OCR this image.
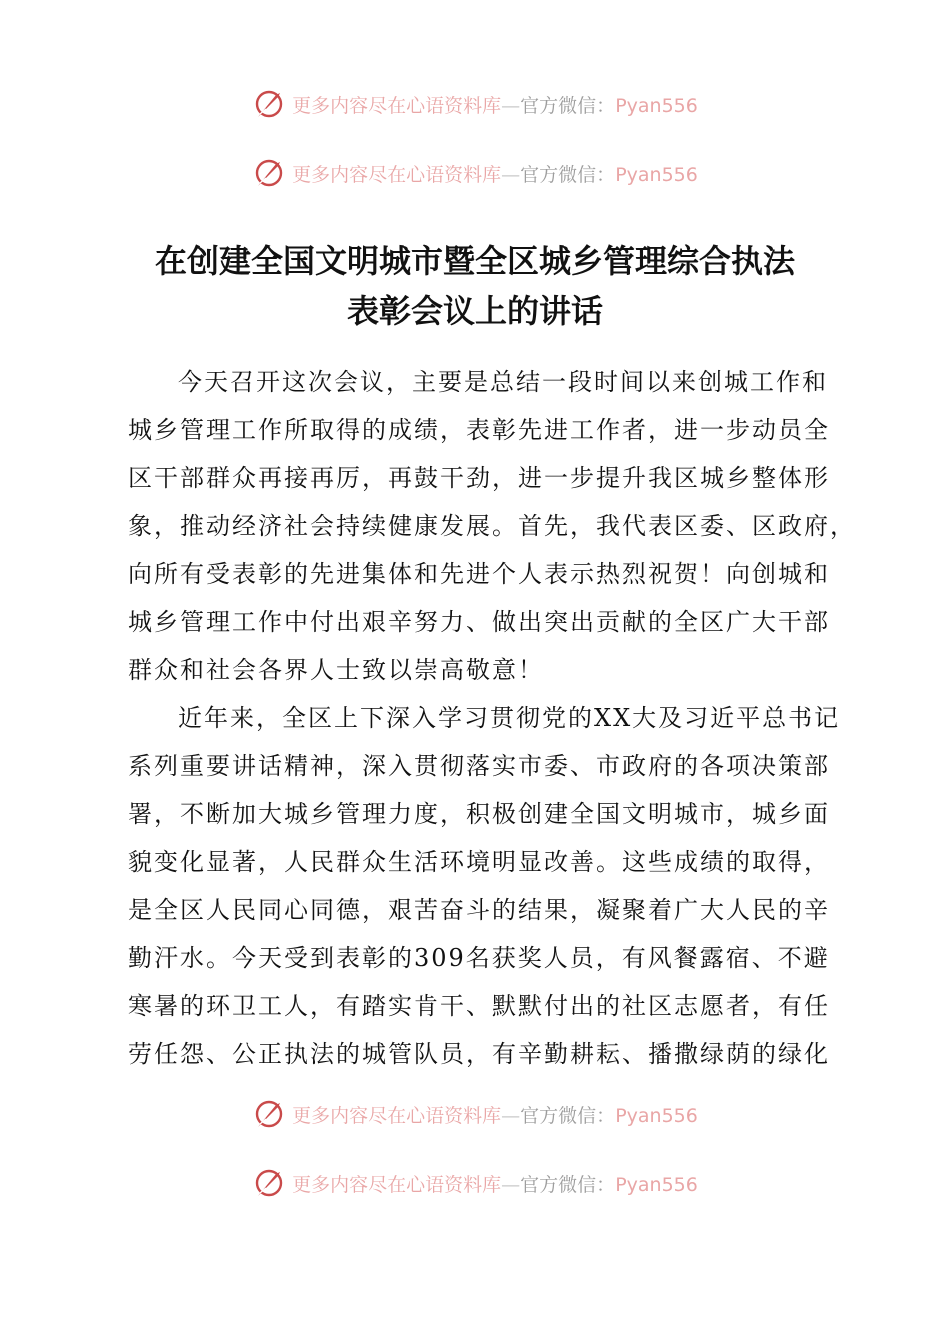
更多内容尽在心语资料库—官方微信：Pyan556
更多内容尽在心语资料库—官方微信：Pyan556
在创建全国文明城市暨全区城乡管理综合执法
表彰会议上的讲话
今天召开这次会议，主要是总结一段时间以来创城工作和
城乡管理工作所取得的成绩，表彰先进工作者，进一步动员全
区干部群众再接再厉，再鼓干劲，进一步提升我区城乡整体形
象，推动经济社会持续健康发展。首先，我代表区委、区政府，
向所有受表彰的先进集体和先进个人表示热烈祝贺！向创城和
城乡管理工作中付出艰辛努力、做出突出贡献的全区广大干部
群众和社会各界人士致以崇高敬意！
近年来，全区上下深入学习贯彻党的XX大及习近平总书记
系列重要讲话精神，深入贯彻落实市委、市政府的各项决策部
署，不断加大城乡管理力度，积极创建全国文明城市，城乡面
貌变化显著，人民群众生活环境明显改善。这些成绩的取得，
是全区人民同心同德，艰苦奋斗的结果，凝聚着广大人民的辛
勤汗水。今天受到表彰的309名获奖人员，有风餐露宿、不避
寒暑的环卫工人，有踏实肯干、默默付出的社区志愿者，有任
劳任怨、公正执法的城管队员，有辛勤耕耘、播撒绿荫的绿化
更多内容尽在心语资料库—官方微信：Pyan556
更多内容尽在心语资料库—官方微信：Pyan556
